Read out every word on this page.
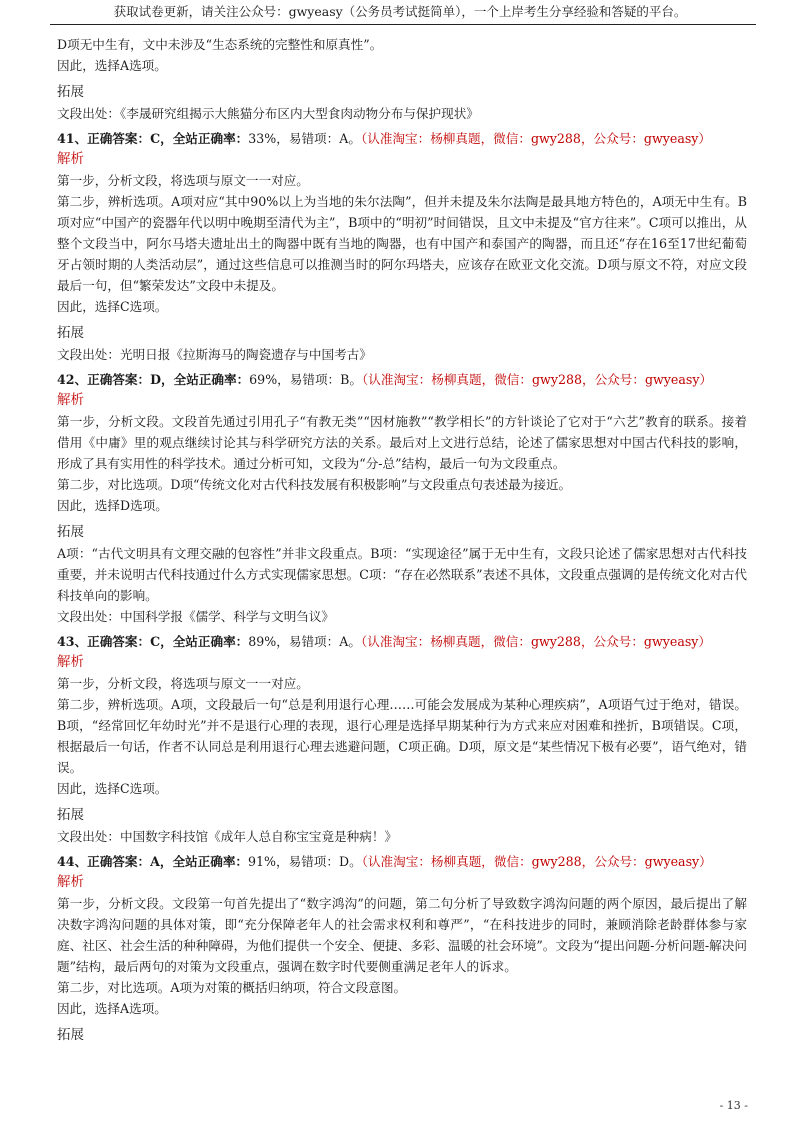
获取试卷更新，请关注公众号：gwyeasy（公务员考试挺简单），一个上岸考生分享经验和答疑的平台。

D项无中生有，文中未涉及“生态系统的完整性和原真性”。

因此，选择A选项。

拓展

文段出处：《李晟研究组揭示大熊猫分布区内大型食肉动物分布与保护现状》

41、正确答案：C，全站正确率：33%，易错项：A。（认准淘宝：杨柳真题，微信：gwy288，公众号：gwyeasy）

解析

第一步，分析文段，将选项与原文一一对应。

第二步，辨析选项。A项对应“其中90%以上为当地的朱尔法陶”，但并未提及朱尔法陶是最具地方特色的，A项无中生有。B项对应“中国产的瓷器年代以明中晚期至清代为主”，B项中的“明初”时间错误，且文中未提及“官方往来”。C项可以推出，从整个文段当中，阿尔马塔夫遗址出土的陶器中既有当地的陶器，也有中国产和泰国产的陶器，而且还“存在16至17世纪葡萄牙占领时期的人类活动层”，通过这些信息可以推测当时的阿尔玛塔夫，应该存在欧亚文化交流。D项与原文不符，对应文段最后一句，但“繁荣发达”文段中未提及。

因此，选择C选项。

拓展

文段出处：光明日报《拉斯海马的陶瓷遗存与中国考古》

42、正确答案：D，全站正确率：69%，易错项：B。（认准淘宝：杨柳真题，微信：gwy288，公众号：gwyeasy）

解析

第一步，分析文段。文段首先通过引用孔子“有教无类”“因材施教”“教学相长”的方针谈论了它对于“六艺”教育的联系。接着借用《中庸》里的观点继续讨论其与科学研究方法的关系。最后对上文进行总结，论述了儒家思想对中国古代科技的影响，形成了具有实用性的科学技术。通过分析可知，文段为“分-总”结构，最后一句为文段重点。

第二步，对比选项。D项“传统文化对古代科技发展有积极影响”与文段重点句表述最为接近。

因此，选择D选项。

拓展

A项：“古代文明具有文理交融的包容性”并非文段重点。B项：“实现途径”属于无中生有，文段只论述了儒家思想对古代科技重要，并未说明古代科技通过什么方式实现儒家思想。C项：“存在必然联系”表述不具体，文段重点强调的是传统文化对古代科技单向的影响。

文段出处：中国科学报《儒学、科学与文明刍议》

43、正确答案：C，全站正确率：89%，易错项：A。（认准淘宝：杨柳真题，微信：gwy288，公众号：gwyeasy）

解析

第一步，分析文段，将选项与原文一一对应。

第二步，辨析选项。A项，文段最后一句“总是利用退行心理……可能会发展成为某种心理疾病”，A项语气过于绝对，错误。B项，“经常回忆年幼时光”并不是退行心理的表现，退行心理是选择早期某种行为方式来应对困难和挫折，B项错误。C项，根据最后一句话，作者不认同总是利用退行心理去逃避问题，C项正确。D项，原文是“某些情况下极有必要”，语气绝对，错误。

因此，选择C选项。

拓展

文段出处：中国数字科技馆《成年人总自称宝宝竟是种病！》

44、正确答案：A，全站正确率：91%，易错项：D。（认准淘宝：杨柳真题，微信：gwy288，公众号：gwyeasy）

解析

第一步，分析文段。文段第一句首先提出了“数字鸿沟”的问题，第二句分析了导致数字鸿沟问题的两个原因，最后提出了解决数字鸿沟问题的具体对策，即“充分保障老年人的社会需求权利和尊严”，“在科技进步的同时，兼顾消除老龄群体参与家庭、社区、社会生活的种种障碍，为他们提供一个安全、便捷、多彩、温暖的社会环境”。文段为“提出问题-分析问题-解决问题”结构，最后两句的对策为文段重点，强调在数字时代要侧重满足老年人的诉求。

第二步，对比选项。A项为对策的概括归纳项，符合文段意图。

因此，选择A选项。

拓展

- 13 -
